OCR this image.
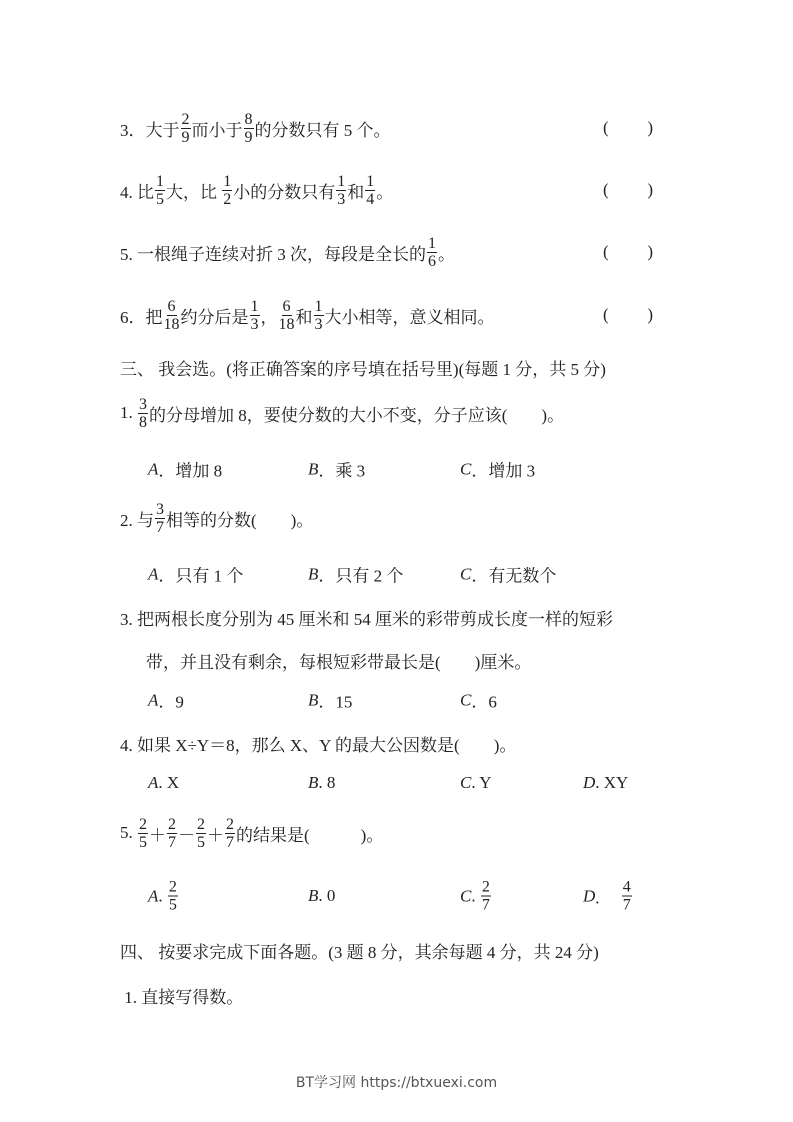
3．大于 $\frac{2}{9}$ 而小于 $\frac{8}{9}$ 的分数只有 5 个。	( )
4. 比 $\frac{1}{5}$ 大，比 $\frac{1}{2}$ 小的分数只有 $\frac{1}{3}$ 和 $\frac{1}{4}$ 。	( )
5. 一根绳子连续对折 3 次，每段是全长的 $\frac{1}{6}$ 。	( )
6．把 $\frac{6}{18}$ 约分后是 $\frac{1}{3}$ ， $\frac{6}{18}$ 和 $\frac{1}{3}$ 大小相等，意义相同。	( )
三、 我会选。(将正确答案的序号填在括号里)(每题 1 分，共 5 分)
1. $\frac{3}{8}$ 的分母增加 8，要使分数的大小不变，分子应该(　　)。
A ．增加 8	B ．乘 3	C ．增加 3
2. 与 $\frac{3}{7}$ 相等的分数(　　)。
A ．只有 1 个	B ．只有 2 个	C ．有无数个
3. 把两根长度分别为 45 厘米和 54 厘米的彩带剪成长度一样的短彩
带，并且没有剩余，每根短彩带最长是(　　)厘米。
A ．9	B ．15	C ．6
4. 如果 X÷Y＝8，那么 X、Y 的最大公因数是(　　)。
A . X	B . 8	C . Y	D . XY
5. $\frac{2}{5} + \frac{2}{7} - \frac{2}{5} + \frac{2}{7}$ 的结果是(　　　)。
A . $\frac{2}{5}$	B . 0	C . $\frac{2}{7}$	D .　 $\frac{4}{7}$
四、 按要求完成下面各题。(3 题 8 分，其余每题 4 分，共 24 分)
1. 直接写得数。
BT学习网 https://btxuexi.com
